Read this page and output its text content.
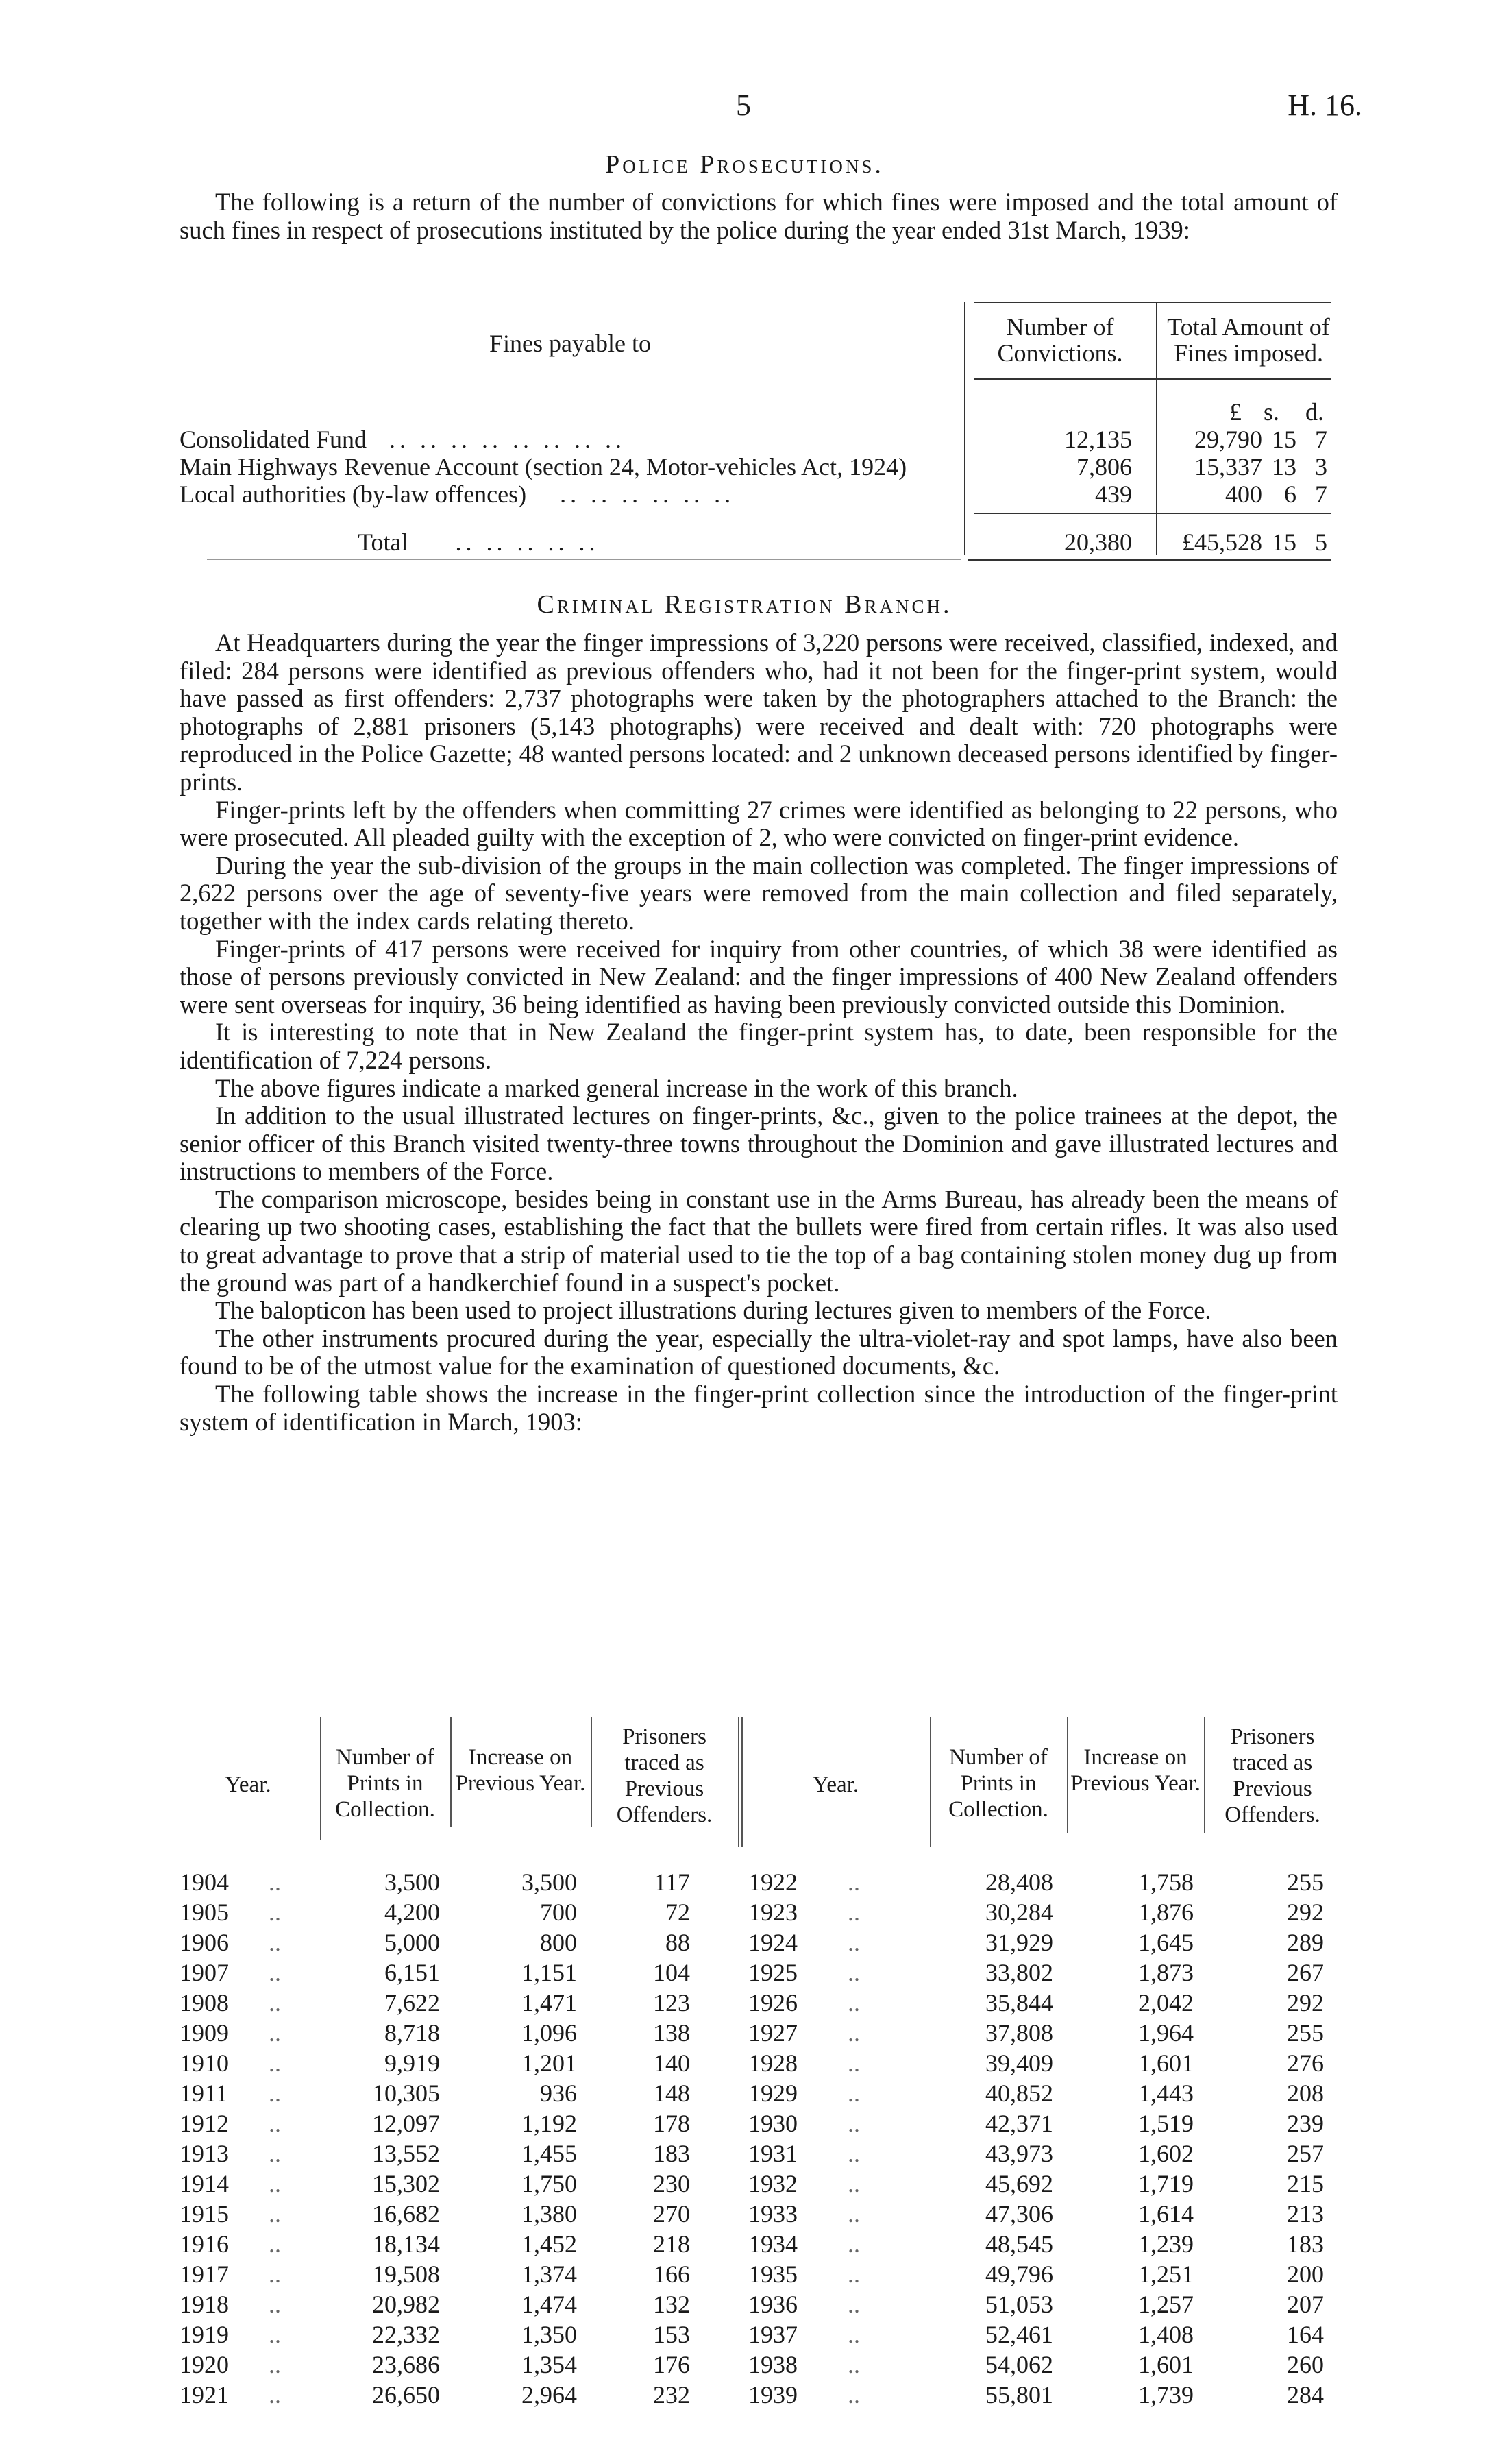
5	H. 16.
Police Prosecutions.

The following is a return of the number of convictions for which fines were imposed and the total amount of such fines in respect of prosecutions instituted by the police during the year ended 31st March, 1939:

Fines payable to
Number of Convictions.
Total Amount of Fines imposed.
£ s.	d.
Consolidated Fund .. .. .. .. .. .. .. ..	12,135	29,790 15 7
Main Highways Revenue Account (section 24, Motor-vehicles Act, 1924)	7,806	15,337 13 3
Local authorities (by-law offences) .. .. .. .. .. ..	439	400 6 7
Total .. .. .. .. ..	20,380	£45,528 15 5
Criminal Registration Branch.

At Headquarters during the year the finger impressions of 3,220 persons were received, classified, indexed, and filed: 284 persons were identified as previous offenders who, had it not been for the finger-print system, would have passed as first offenders: 2,737 photographs were taken by the photographers attached to the Branch: the photographs of 2,881 prisoners (5,143 photographs) were received and dealt with: 720 photographs were reproduced in the Police Gazette; 48 wanted persons located: and 2 unknown deceased persons identified by finger-prints.

Finger-prints left by the offenders when committing 27 crimes were identified as belonging to 22 persons, who were prosecuted. All pleaded guilty with the exception of 2, who were convicted on finger-print evidence.

During the year the sub-division of the groups in the main collection was completed. The finger impressions of 2,622 persons over the age of seventy-five years were removed from the main collection and filed separately, together with the index cards relating thereto.

Finger-prints of 417 persons were received for inquiry from other countries, of which 38 were identified as those of persons previously convicted in New Zealand: and the finger impressions of 400 New Zealand offenders were sent overseas for inquiry, 36 being identified as having been previously convicted outside this Dominion.

It is interesting to note that in New Zealand the finger-print system has, to date, been responsible for the identification of 7,224 persons.

The above figures indicate a marked general increase in the work of this branch.

In addition to the usual illustrated lectures on finger-prints, &c., given to the police trainees at the depot, the senior officer of this Branch visited twenty-three towns throughout the Dominion and gave illustrated lectures and instructions to members of the Force.

The comparison microscope, besides being in constant use in the Arms Bureau, has already been the means of clearing up two shooting cases, establishing the fact that the bullets were fired from certain rifles. It was also used to great advantage to prove that a strip of material used to tie the top of a bag containing stolen money dug up from the ground was part of a handkerchief found in a suspect's pocket.

The balopticon has been used to project illustrations during lectures given to members of the Force.

The other instruments procured during the year, especially the ultra-violet-ray and spot lamps, have also been found to be of the utmost value for the examination of questioned documents, &c.

The following table shows the increase in the finger-print collection since the introduction of the finger-print system of identification in March, 1903:

Year.
Number of Prints in Collection.
Increase on Previous Year.
Prisoners traced as Previous Offenders.
Year.
Number of Prints in Collection.
Increase on Previous Year.
Prisoners traced as Previous Offenders.
1904	..	3,500	3,500	117 1922	..	28,408	1,758	255
1905	..	4,200	700	72 1923	..	30,284	1,876	292
1906	..	5,000	800	88 1924	..	31,929	1,645	289
1907	..	6,151	1,151	104 1925	..	33,802	1,873	267
1908	..	7,622	1,471	123 1926	..	35,844	2,042	292
1909	..	8,718	1,096	138 1927	..	37,808	1,964	255
1910	..	9,919	1,201	140 1928	..	39,409	1,601	276
1911	..	10,305	936	148 1929	..	40,852	1,443	208
1912	..	12,097	1,192	178 1930	..	42,371	1,519	239
1913	..	13,552	1,455	183 1931	..	43,973	1,602	257
1914	..	15,302	1,750	230 1932	..	45,692	1,719	215
1915	..	16,682	1,380	270 1933	..	47,306	1,614	213
1916	..	18,134	1,452	218 1934	..	48,545	1,239	183
1917	..	19,508	1,374	166 1935	..	49,796	1,251	200
1918	..	20,982	1,474	132 1936	..	51,053	1,257	207
1919	..	22,332	1,350	153 1937	..	52,461	1,408	164
1920	..	23,686	1,354	176 1938	..	54,062	1,601	260
1921	..	26,650	2,964	232 1939	..	55,801	1,739	284
